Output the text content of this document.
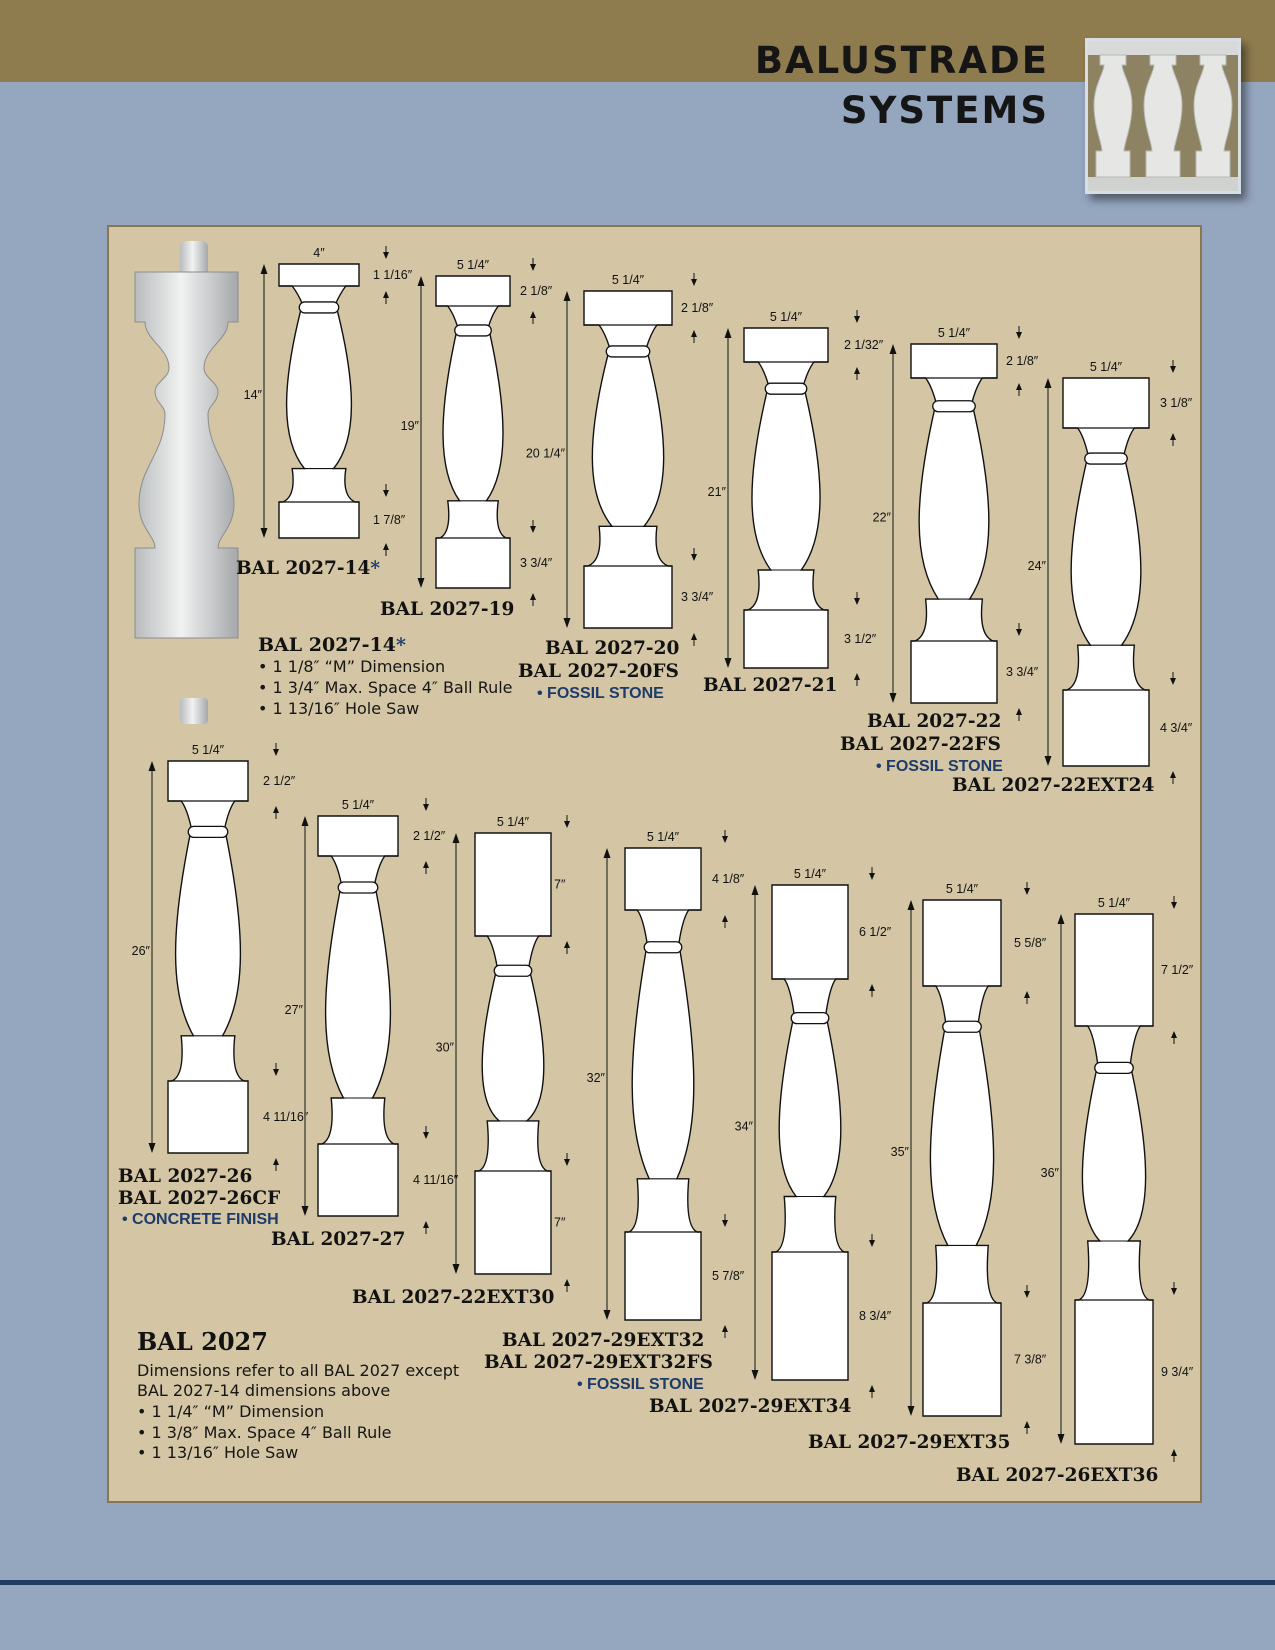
BALUSTRADE
SYSTEMS
14″
4″
1 1/16″
1 7/8″
19″
5 1/4″
2 1/8″
3 3/4″
20 1/4″
5 1/4″
2 1/8″
3 3/4″
21″
5 1/4″
2 1/32″
3 1/2″
22″
5 1/4″
2 1/8″
3 3/4″
24″
5 1/4″
3 1/8″
4 3/4″
26″
5 1/4″
2 1/2″
4 11/16″
27″
5 1/4″
2 1/2″
4 11/16″
30″
5 1/4″
7″
7″
32″
5 1/4″
4 1/8″
5 7/8″
34″
5 1/4″
6 1/2″
8 3/4″
35″
5 1/4″
5 5/8″
7 3/8″
36″
5 1/4″
7 1/2″
9 3/4″
BAL 2027-14*
BAL 2027-19
BAL 2027-20
BAL 2027-20FS
• FOSSIL STONE BAL 2027-21
BAL 2027-22
BAL 2027-22FS
• FOSSIL STONE
BAL 2027-22EXT24
BAL 2027-26
BAL 2027-26CF
• CONCRETE FINISH
BAL 2027-27
BAL 2027-22EXT30
BAL 2027-29EXT32
BAL 2027-29EXT32FS
• FOSSIL STONE
BAL 2027-29EXT34
BAL 2027-29EXT35
BAL 2027-26EXT36
BAL 2027-14*
• 1 1/8″ “M” Dimension
• 1 3/4″ Max. Space 4″ Ball Rule
• 1 13/16″ Hole Saw
BAL 2027
Dimensions refer to all BAL 2027 except
BAL 2027-14 dimensions above
• 1 1/4″ “M” Dimension
• 1 3/8″ Max. Space 4″ Ball Rule
• 1 13/16″ Hole Saw
